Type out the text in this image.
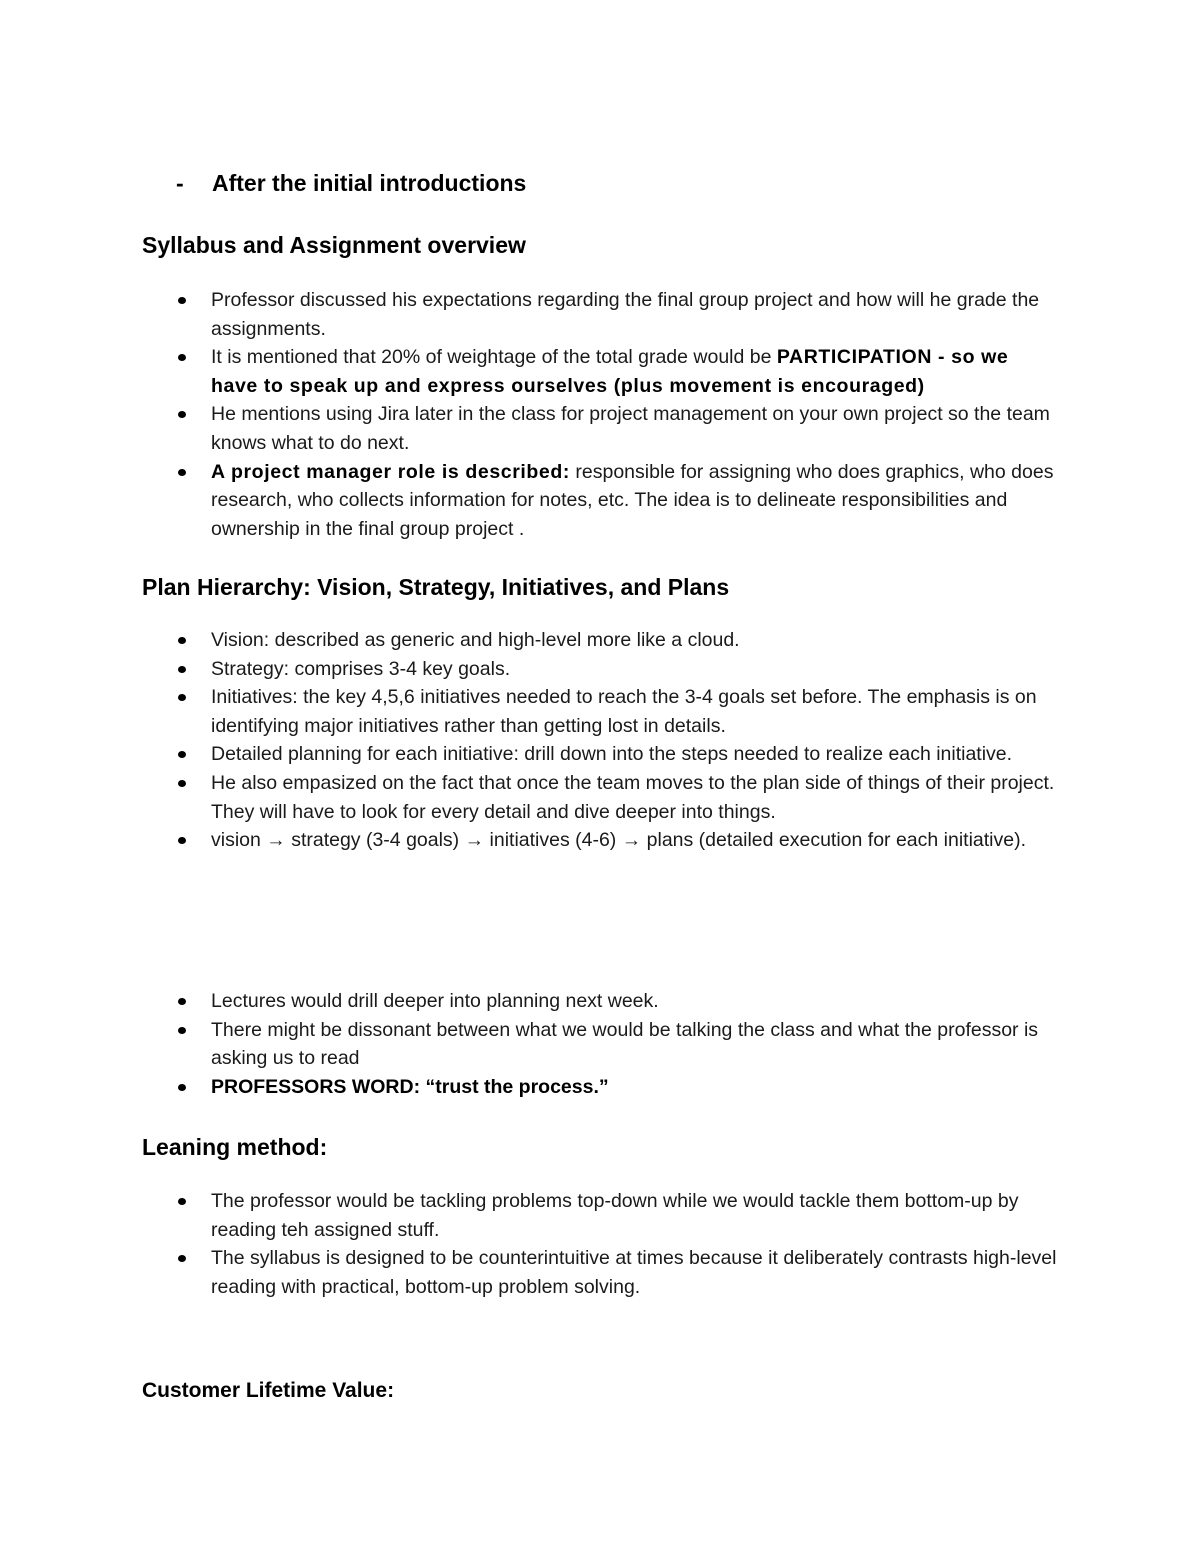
- After the initial introductions
Syllabus and Assignment overview
Professor discussed his expectations regarding the final group project and how will he grade the assignments.
It is mentioned that 20% of weightage of the total grade would be PARTICIPATION - so we have to speak up and express ourselves (plus movement is encouraged)
He mentions using Jira later in the class for project management on your own project so the team knows what to do next.
A project manager role is described: responsible for assigning who does graphics, who does research, who collects information for notes, etc. The idea is to delineate responsibilities and ownership in the final group project .
Plan Hierarchy: Vision, Strategy, Initiatives, and Plans
Vision: described as generic and high-level more like a cloud.
Strategy: comprises 3-4 key goals.
Initiatives: the key 4,5,6 initiatives needed to reach the 3-4 goals set before. The emphasis is on identifying major initiatives rather than getting lost in details.
Detailed planning for each initiative: drill down into the steps needed to realize each initiative.
He also empasized on the fact that once the team moves to the plan side of things of their project. They will have to look for every detail and dive deeper into things.
vision → strategy (3-4 goals) → initiatives (4-6) → plans (detailed execution for each initiative).
Lectures would drill deeper into planning next week.
There might be dissonant between what we would be talking the class and what the professor is asking us to read
PROFESSORS WORD: “trust the process.”
Leaning method:
The professor would be tackling problems top-down while we would tackle them bottom-up by reading teh assigned stuff.
The syllabus is designed to be counterintuitive at times because it deliberately contrasts high-level reading with practical, bottom-up problem solving.
Customer Lifetime Value:
